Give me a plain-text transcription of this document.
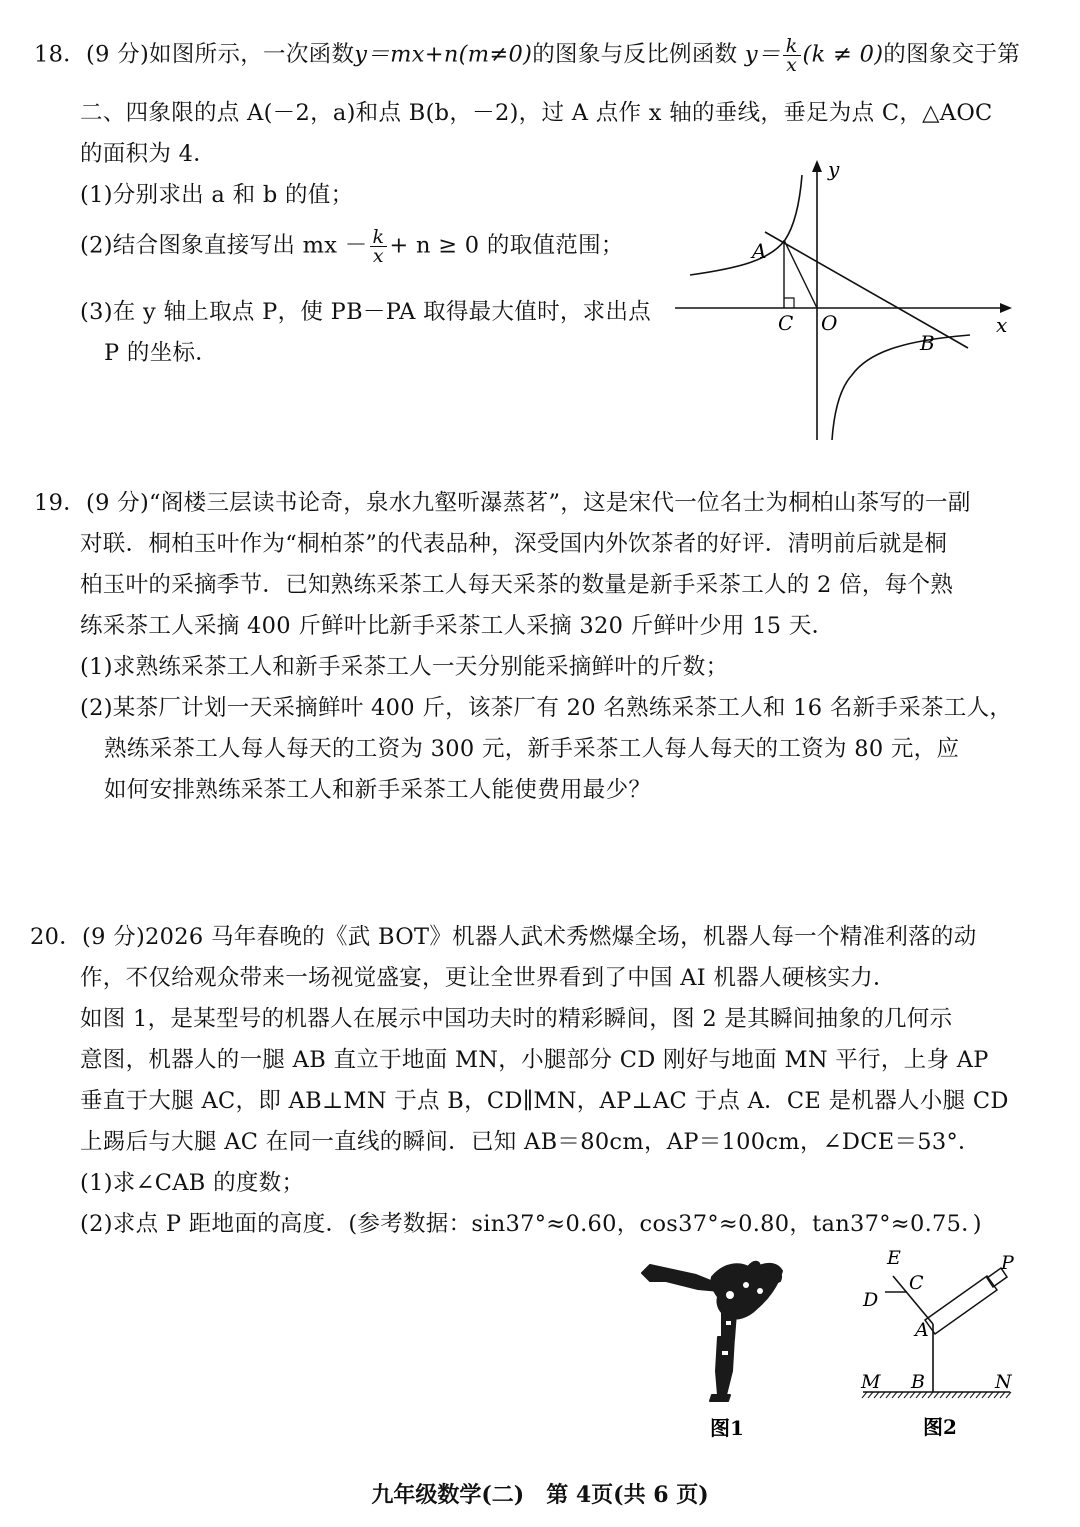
18．(9 分)如图所示，一次函数y＝mx+n(m≠0)的图象与反比例函数 $y= \frac{k}{x} (k \ne 0)$的图象交于第
二、四象限的点 A(－2，a)和点 B(b，－2)，过 A 点作 x 轴的垂线，垂足为点 C，△AOC
的面积为 4．
(1)分别求出 a 和 b 的值；
(2)结合图象直接写出 mx － $\frac{k}{x} + n \ge 0$ 的取值范围；
(3)在 y 轴上取点 P，使 PB－PA 取得最大值时，求出点
P 的坐标．
y
x
A
C O
B
19．(9 分)“阁楼三层读书论奇，泉水九壑听瀑蒸茗”，这是宋代一位名士为桐柏山茶写的一副
对联．桐柏玉叶作为“桐柏茶”的代表品种，深受国内外饮茶者的好评．清明前后就是桐
柏玉叶的采摘季节．已知熟练采茶工人每天采茶的数量是新手采茶工人的 2 倍，每个熟
练采茶工人采摘 400 斤鲜叶比新手采茶工人采摘 320 斤鲜叶少用 15 天．
(1)求熟练采茶工人和新手采茶工人一天分别能采摘鲜叶的斤数；
(2)某茶厂计划一天采摘鲜叶 400 斤，该茶厂有 20 名熟练采茶工人和 16 名新手采茶工人，
熟练采茶工人每人每天的工资为 300 元，新手采茶工人每人每天的工资为 80 元，应
如何安排熟练采茶工人和新手采茶工人能使费用最少？
20．(9 分)2026 马年春晚的《武 BOT》机器人武术秀燃爆全场，机器人每一个精准利落的动
作，不仅给观众带来一场视觉盛宴，更让全世界看到了中国 AI 机器人硬核实力．
如图 1，是某型号的机器人在展示中国功夫时的精彩瞬间，图 2 是其瞬间抽象的几何示
意图，机器人的一腿 AB 直立于地面 MN，小腿部分 CD 刚好与地面 MN 平行，上身 AP
垂直于大腿 AC，即 AB⊥MN 于点 B，CD∥MN，AP⊥AC 于点 A．CE 是机器人小腿 CD
上踢后与大腿 AC 在同一直线的瞬间．已知 AB＝80cm，AP＝100cm，∠DCE＝53°．
(1)求∠CAB 的度数；
(2)求点 P 距地面的高度．(参考数据：sin37°≈0.60，cos37°≈0.80，tan37°≈0.75．)
图1
E
C
D
A
P
M B	N
图2
九年级数学(二)　第 4页(共 6 页)
